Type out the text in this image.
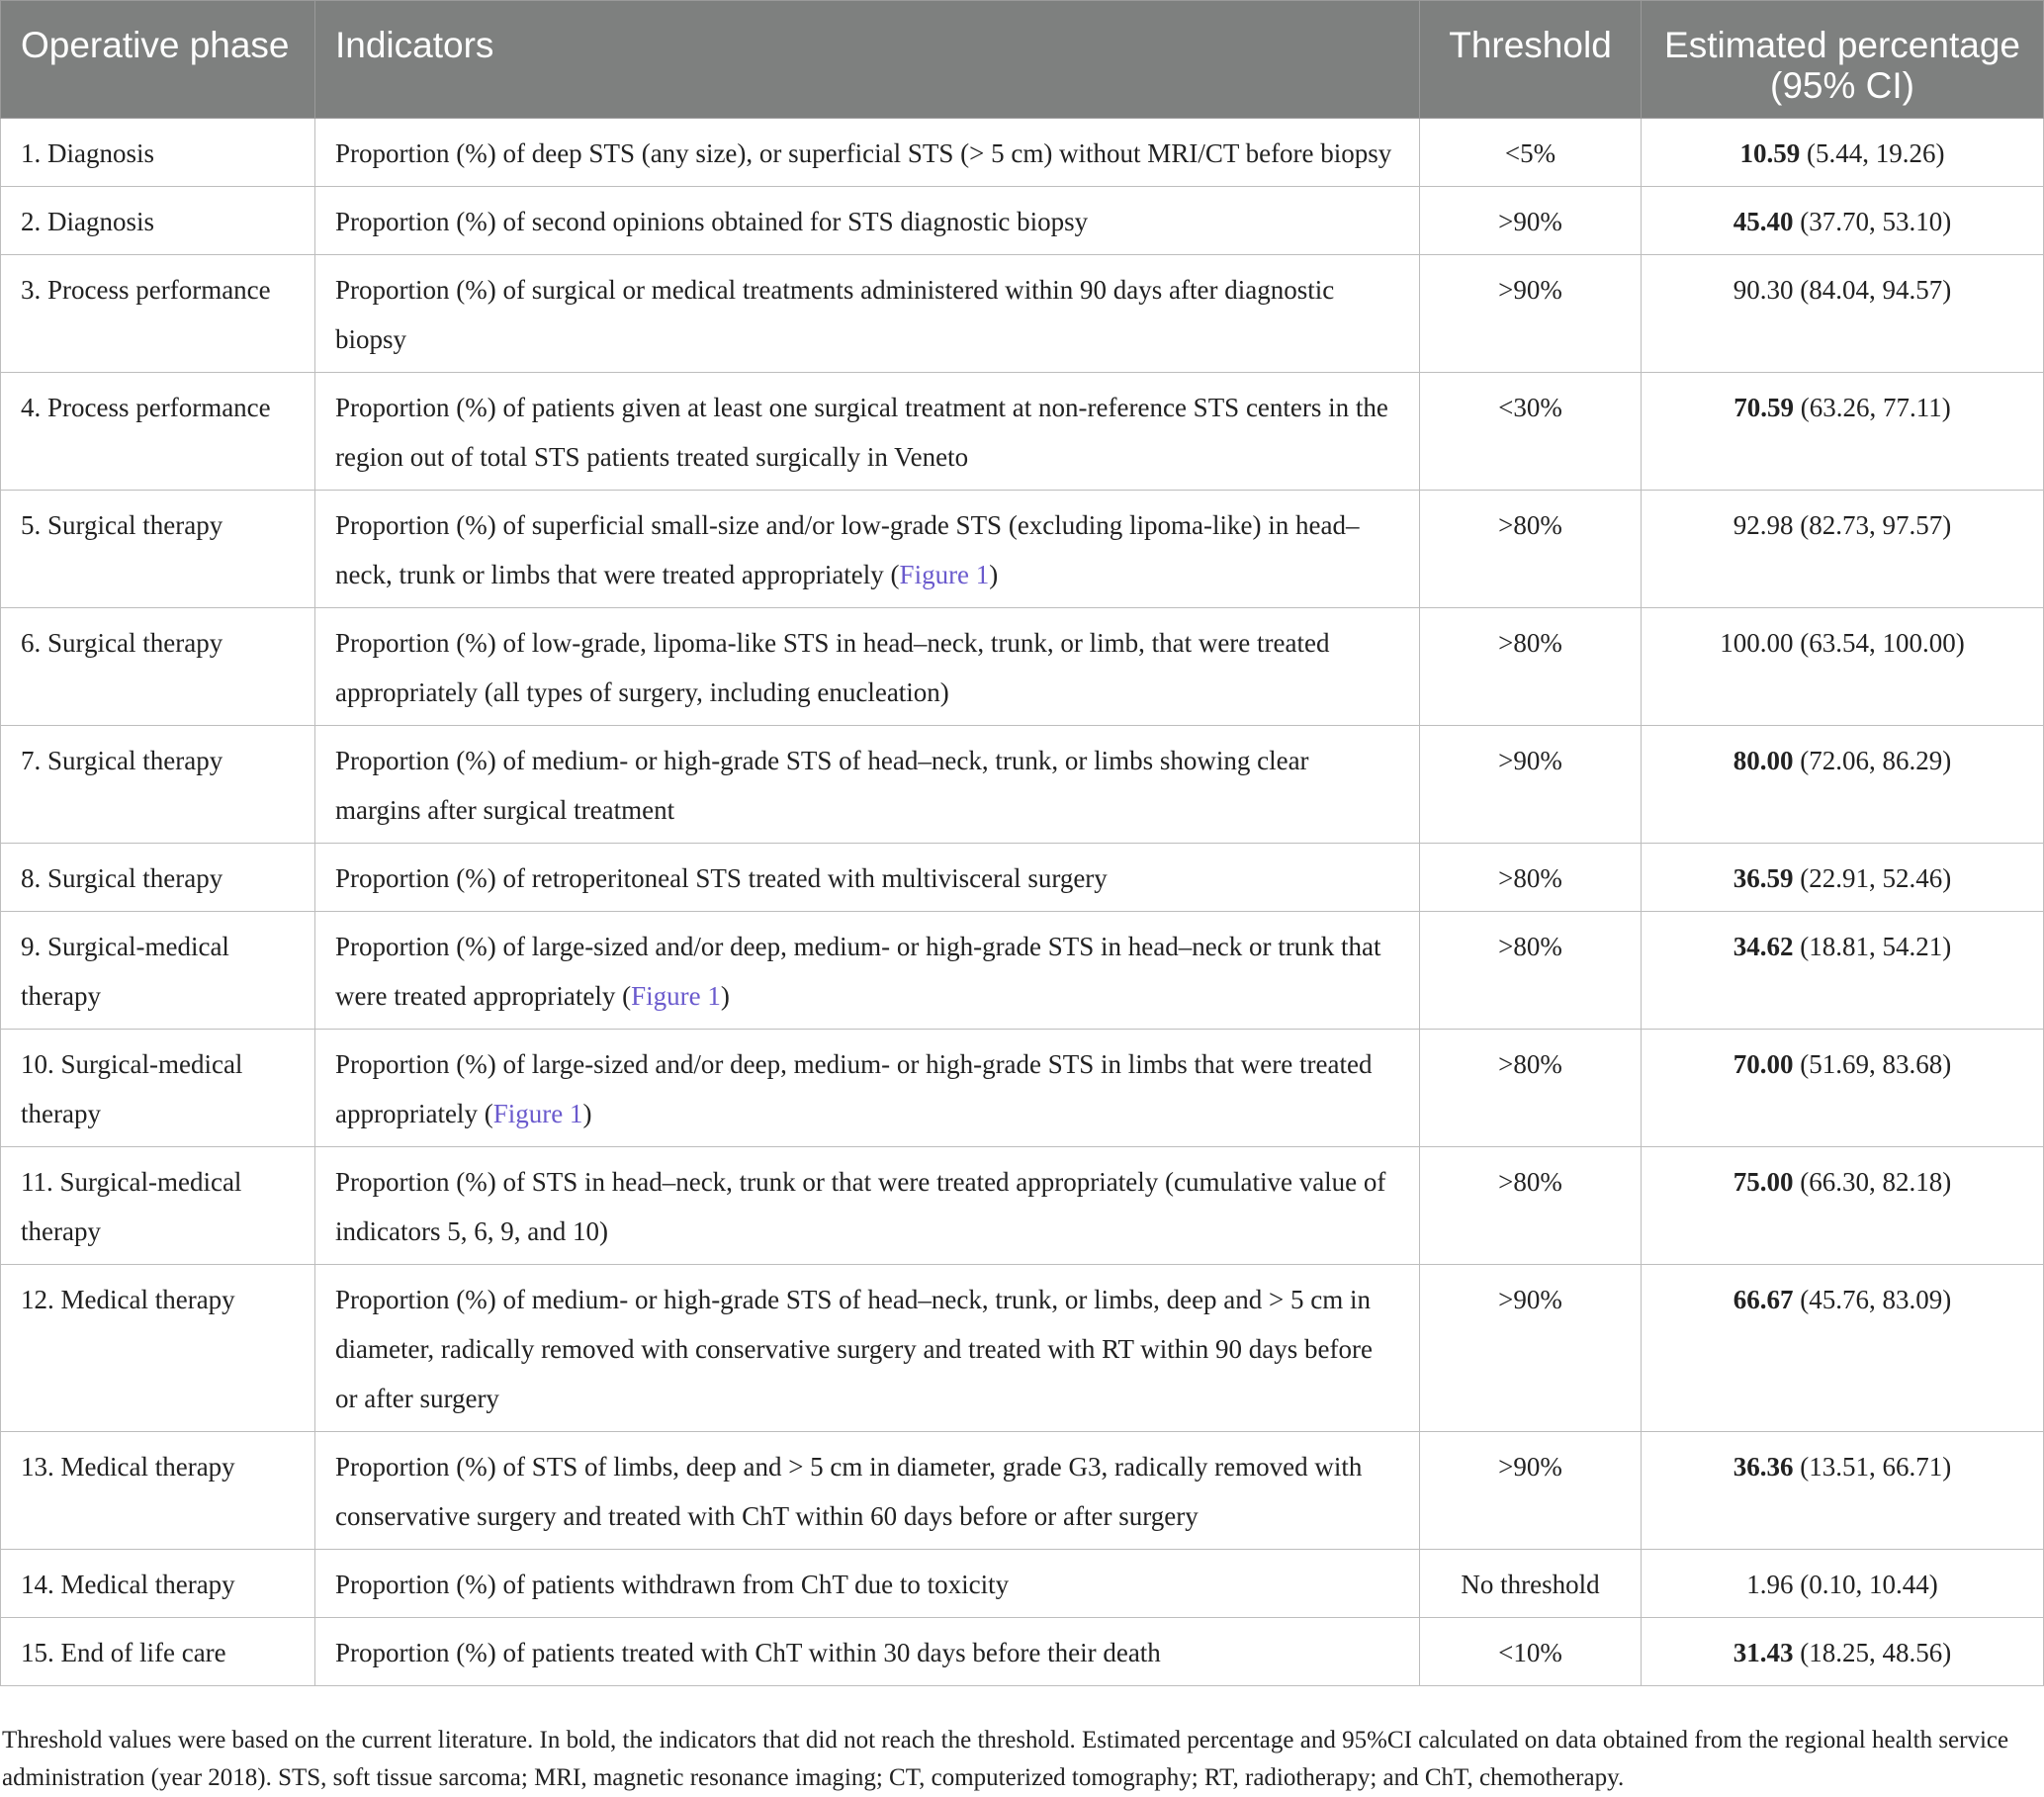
Operative phase	Indicators	Threshold	Estimated percentage (95% CI)
1. Diagnosis	Proportion (%) of deep STS (any size), or superficial STS (> 5 cm) without MRI/CT before biopsy	<5%	10.59 (5.44, 19.26)
2. Diagnosis	Proportion (%) of second opinions obtained for STS diagnostic biopsy	>90%	45.40 (37.70, 53.10)
3. Process performance	Proportion (%) of surgical or medical treatments administered within 90 days after diagnostic biopsy	>90%	90.30 (84.04, 94.57)
4. Process performance	Proportion (%) of patients given at least one surgical treatment at non-reference STS centers in the region out of total STS patients treated surgically in Veneto	<30%	70.59 (63.26, 77.11)
5. Surgical therapy	Proportion (%) of superficial small-size and/or low-grade STS (excluding lipoma-like) in head–neck, trunk or limbs that were treated appropriately (Figure 1)	>80%	92.98 (82.73, 97.57)
6. Surgical therapy	Proportion (%) of low-grade, lipoma-like STS in head–neck, trunk, or limb, that were treated appropriately (all types of surgery, including enucleation)	>80%	100.00 (63.54, 100.00)
7. Surgical therapy	Proportion (%) of medium- or high-grade STS of head–neck, trunk, or limbs showing clear margins after surgical treatment	>90%	80.00 (72.06, 86.29)
8. Surgical therapy	Proportion (%) of retroperitoneal STS treated with multivisceral surgery	>80%	36.59 (22.91, 52.46)
9. Surgical-medical therapy	Proportion (%) of large-sized and/or deep, medium- or high-grade STS in head–neck or trunk that were treated appropriately (Figure 1)	>80%	34.62 (18.81, 54.21)
10. Surgical-medical therapy	Proportion (%) of large-sized and/or deep, medium- or high-grade STS in limbs that were treated appropriately (Figure 1)	>80%	70.00 (51.69, 83.68)
11. Surgical-medical therapy	Proportion (%) of STS in head–neck, trunk or that were treated appropriately (cumulative value of indicators 5, 6, 9, and 10)	>80%	75.00 (66.30, 82.18)
12. Medical therapy	Proportion (%) of medium- or high-grade STS of head–neck, trunk, or limbs, deep and > 5 cm in diameter, radically removed with conservative surgery and treated with RT within 90 days before or after surgery	>90%	66.67 (45.76, 83.09)
13. Medical therapy	Proportion (%) of STS of limbs, deep and > 5 cm in diameter, grade G3, radically removed with conservative surgery and treated with ChT within 60 days before or after surgery	>90%	36.36 (13.51, 66.71)
14. Medical therapy	Proportion (%) of patients withdrawn from ChT due to toxicity	No threshold	1.96 (0.10, 10.44)
15. End of life care	Proportion (%) of patients treated with ChT within 30 days before their death	<10%	31.43 (18.25, 48.56)
Threshold values were based on the current literature. In bold, the indicators that did not reach the threshold. Estimated percentage and 95%CI calculated on data obtained from the regional health service administration (year 2018). STS, soft tissue sarcoma; MRI, magnetic resonance imaging; CT, computerized tomography; RT, radiotherapy; and ChT, chemotherapy.
